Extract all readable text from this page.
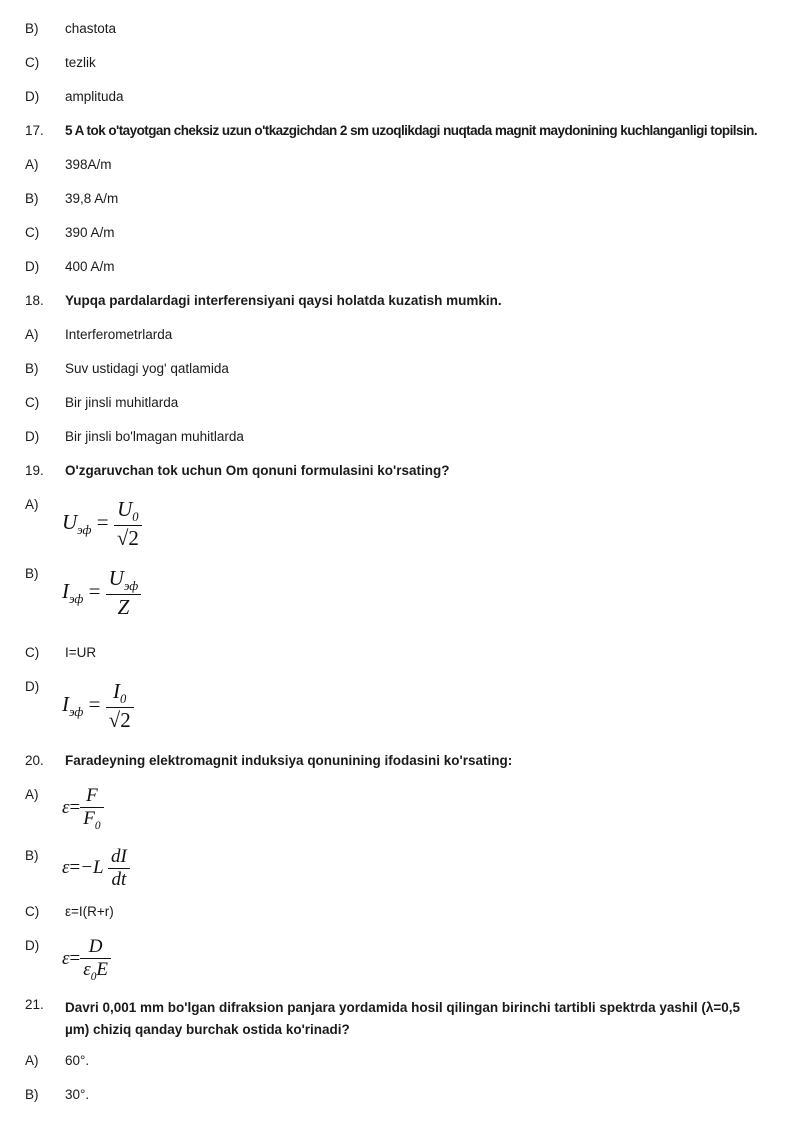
B) chastota
C) tezlik
D) amplituda
17. 5 A tok o'tayotgan cheksiz uzun o'tkazgichdan 2 sm uzoqlikdagi nuqtada magnit maydonining kuchlanganligi topilsin.
A) 398A/m
B) 39,8 A/m
C) 390 A/m
D) 400 A/m
18. Yupqa pardalardagi interferensiyani qaysi holatda kuzatish mumkin.
A) Interferometrlarda
B) Suv ustidagi yog' qatlamida
C) Bir jinsli muhitlarda
D) Bir jinsli bo'lmagan muhitlarda
19. O'zgaruvchan tok uchun Om qonuni formulasini ko'rsating?
A)
$U_{эф} = \frac{U_0}{√2}$
B)
$I_{эф} = \frac{U_{эф}}{Z}$
C) I=UR
D)
$I_{эф} = \frac{I_0}{√2}$
20. Faradeyning elektromagnit induksiya qonunining ifodasini ko'rsating:
A)
$\varepsilon= \frac{F}{F_0}$
B)
$\varepsilon=-L \frac{dI}{dt}$
C) ε=I(R+r)
D)
$\varepsilon= \frac{D}{\varepsilon_0E}$
21. Davri 0,001 mm bo'lgan difraksion panjara yordamida hosil qilingan birinchi tartibli spektrda yashil (λ=0,5 µm) chiziq qanday burchak ostida ko'rinadi?
A) 60°.
B) 30°.
